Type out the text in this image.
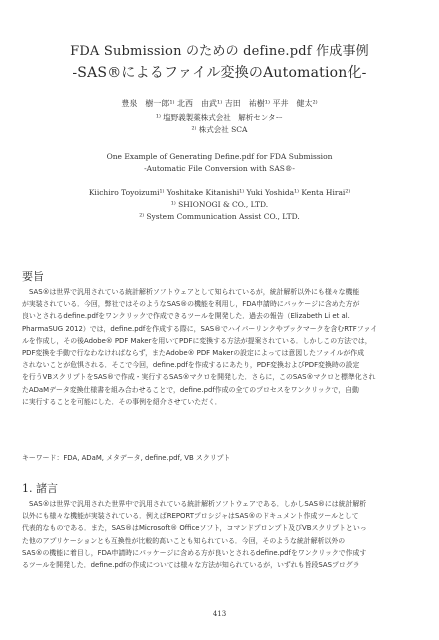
FDA Submission のための define.pdf 作成事例
-SAS®によるファイル変換のAutomation化-
豊泉　樹一郎¹⁾ 北西　由武¹⁾ 吉田　祐樹¹⁾ 平井　健太²⁾
¹⁾ 塩野義製薬株式会社　解析センター
²⁾ 株式会社 SCA
One Example of Generating Define.pdf for FDA Submission
-Automatic File Conversion with SAS®-
Kiichiro Toyoizumi¹⁾ Yoshitake Kitanishi¹⁾ Yuki Yoshida¹⁾ Kenta Hirai²⁾
¹⁾ SHIONOGI & CO., LTD.
²⁾ System Communication Assist CO., LTD.
要旨
SAS®は世界で汎用されている統計解析ソフトウェアとして知られているが，統計解析以外にも様々な機能
が実装されている．今回，弊社ではそのようなSAS®の機能を利用し，FDA申請時にパッケージに含めた方が
良いとされるdefine.pdfをワンクリックで作成できるツールを開発した．過去の報告（Elizabeth Li et al.
PharmaSUG 2012）では，define.pdfを作成する際に，SAS®でハイパーリンクやブックマークを含むRTFファイ
ルを作成し，その後Adobe® PDF Makerを用いてPDFに変換する方法が提案されている．しかしこの方法では，
PDF変換を手動で行なわなければならず，またAdobe® PDF Makerの設定によっては意図したファイルが作成
されないことが危惧される．そこで今回，define.pdfを作成するにあたり，PDF変換およびPDF変換時の設定
を行うVBスクリプトをSAS®で作成・実行するSAS®マクロを開発した．さらに，このSAS®マクロと標準化され
たADaMデータ変換仕様書を組み合わせることで，define.pdf作成の全てのプロセスをワンクリックで，自動
に実行することを可能にした．その事例を紹介させていただく．
キーワード：FDA, ADaM, メタデータ, define.pdf, VB スクリプト
1. 諸言
SAS®は世界で汎用された世界中で汎用されている統計解析ソフトウェアである．しかしSAS®には統計解析
以外にも様々な機能が実装されている．例えばREPORTプロシジャはSAS®のドキュメント作成ツールとして
代表的なものである．また，SAS®はMicrosoft® Officeソフト，コマンドプロンプト及びVBスクリプトといっ
た他のアプリケーションとも互換性が比較的高いことも知られている．今回，そのような統計解析以外の
SAS®の機能に着目し，FDA申請時にパッケージに含める方が良いとされるdefine.pdfをワンクリックで作成す
るツールを開発した．define.pdfの作成については様々な方法が知られているが，いずれも旨段SASプログラ
413
